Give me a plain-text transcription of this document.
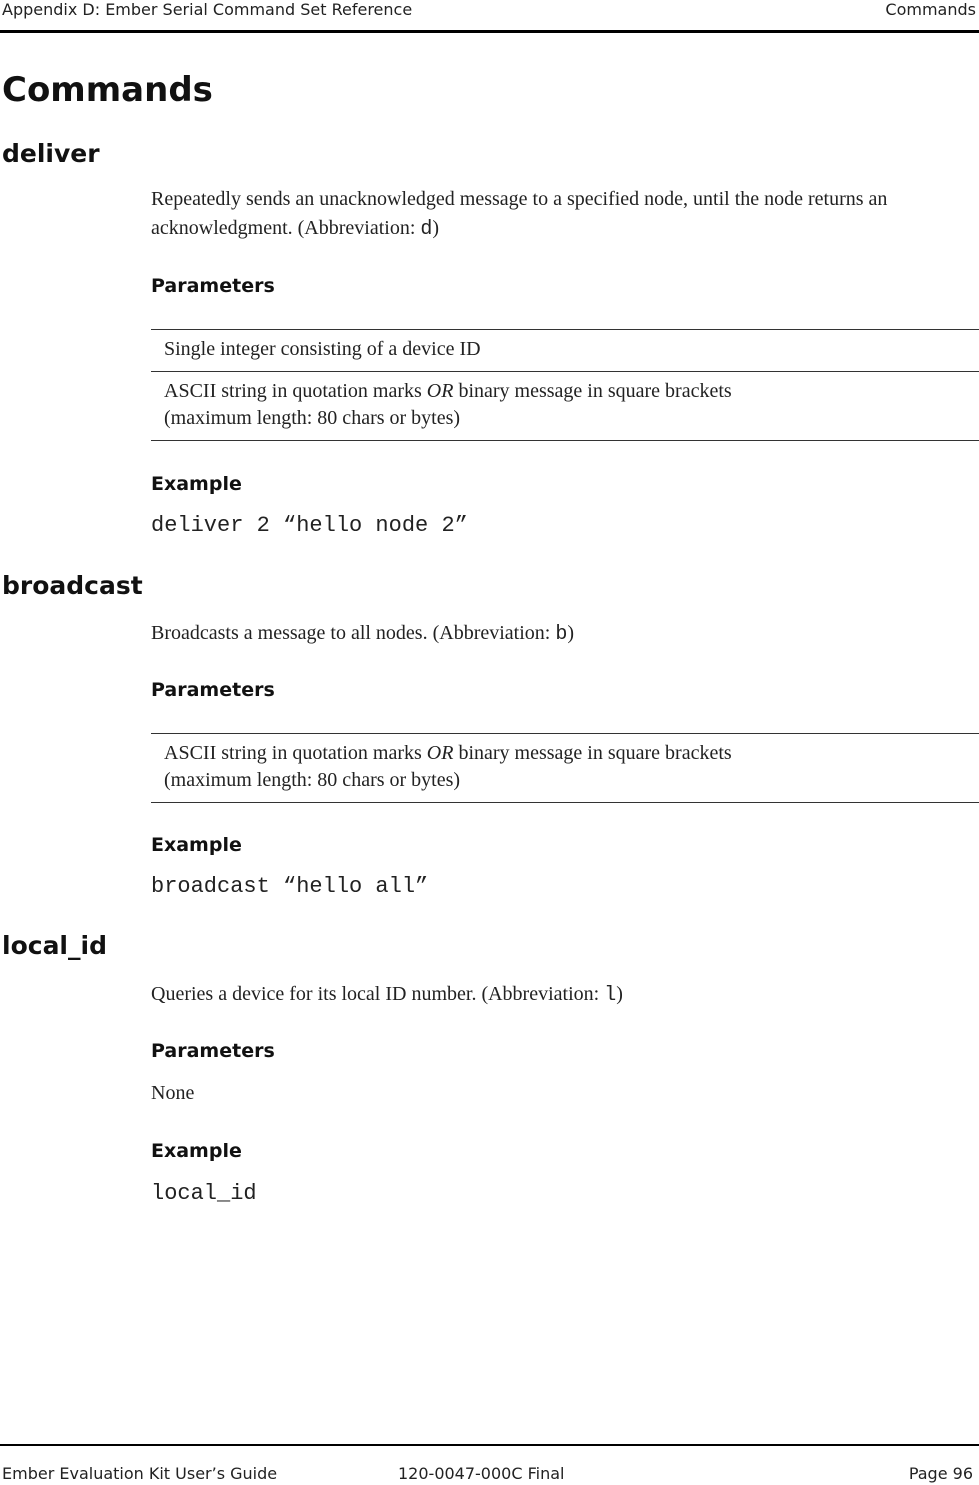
Appendix D: Ember Serial Command Set Reference	Commands
Commands
deliver
Repeatedly sends an unacknowledged message to a specified node, until the node returns an acknowledgment. (Abbreviation: d)
Parameters
Single integer consisting of a device ID
ASCII string in quotation marks OR binary message in square brackets
(maximum length: 80 chars or bytes)
Example
deliver 2 “hello node 2”
broadcast
Broadcasts a message to all nodes. (Abbreviation: b)
Parameters
ASCII string in quotation marks OR binary message in square brackets
(maximum length: 80 chars or bytes)
Example
broadcast “hello all”
local_id
Queries a device for its local ID number. (Abbreviation: l)
Parameters
None
Example
local_id
Ember Evaluation Kit User’s Guide	120-0047-000C Final	Page 96
